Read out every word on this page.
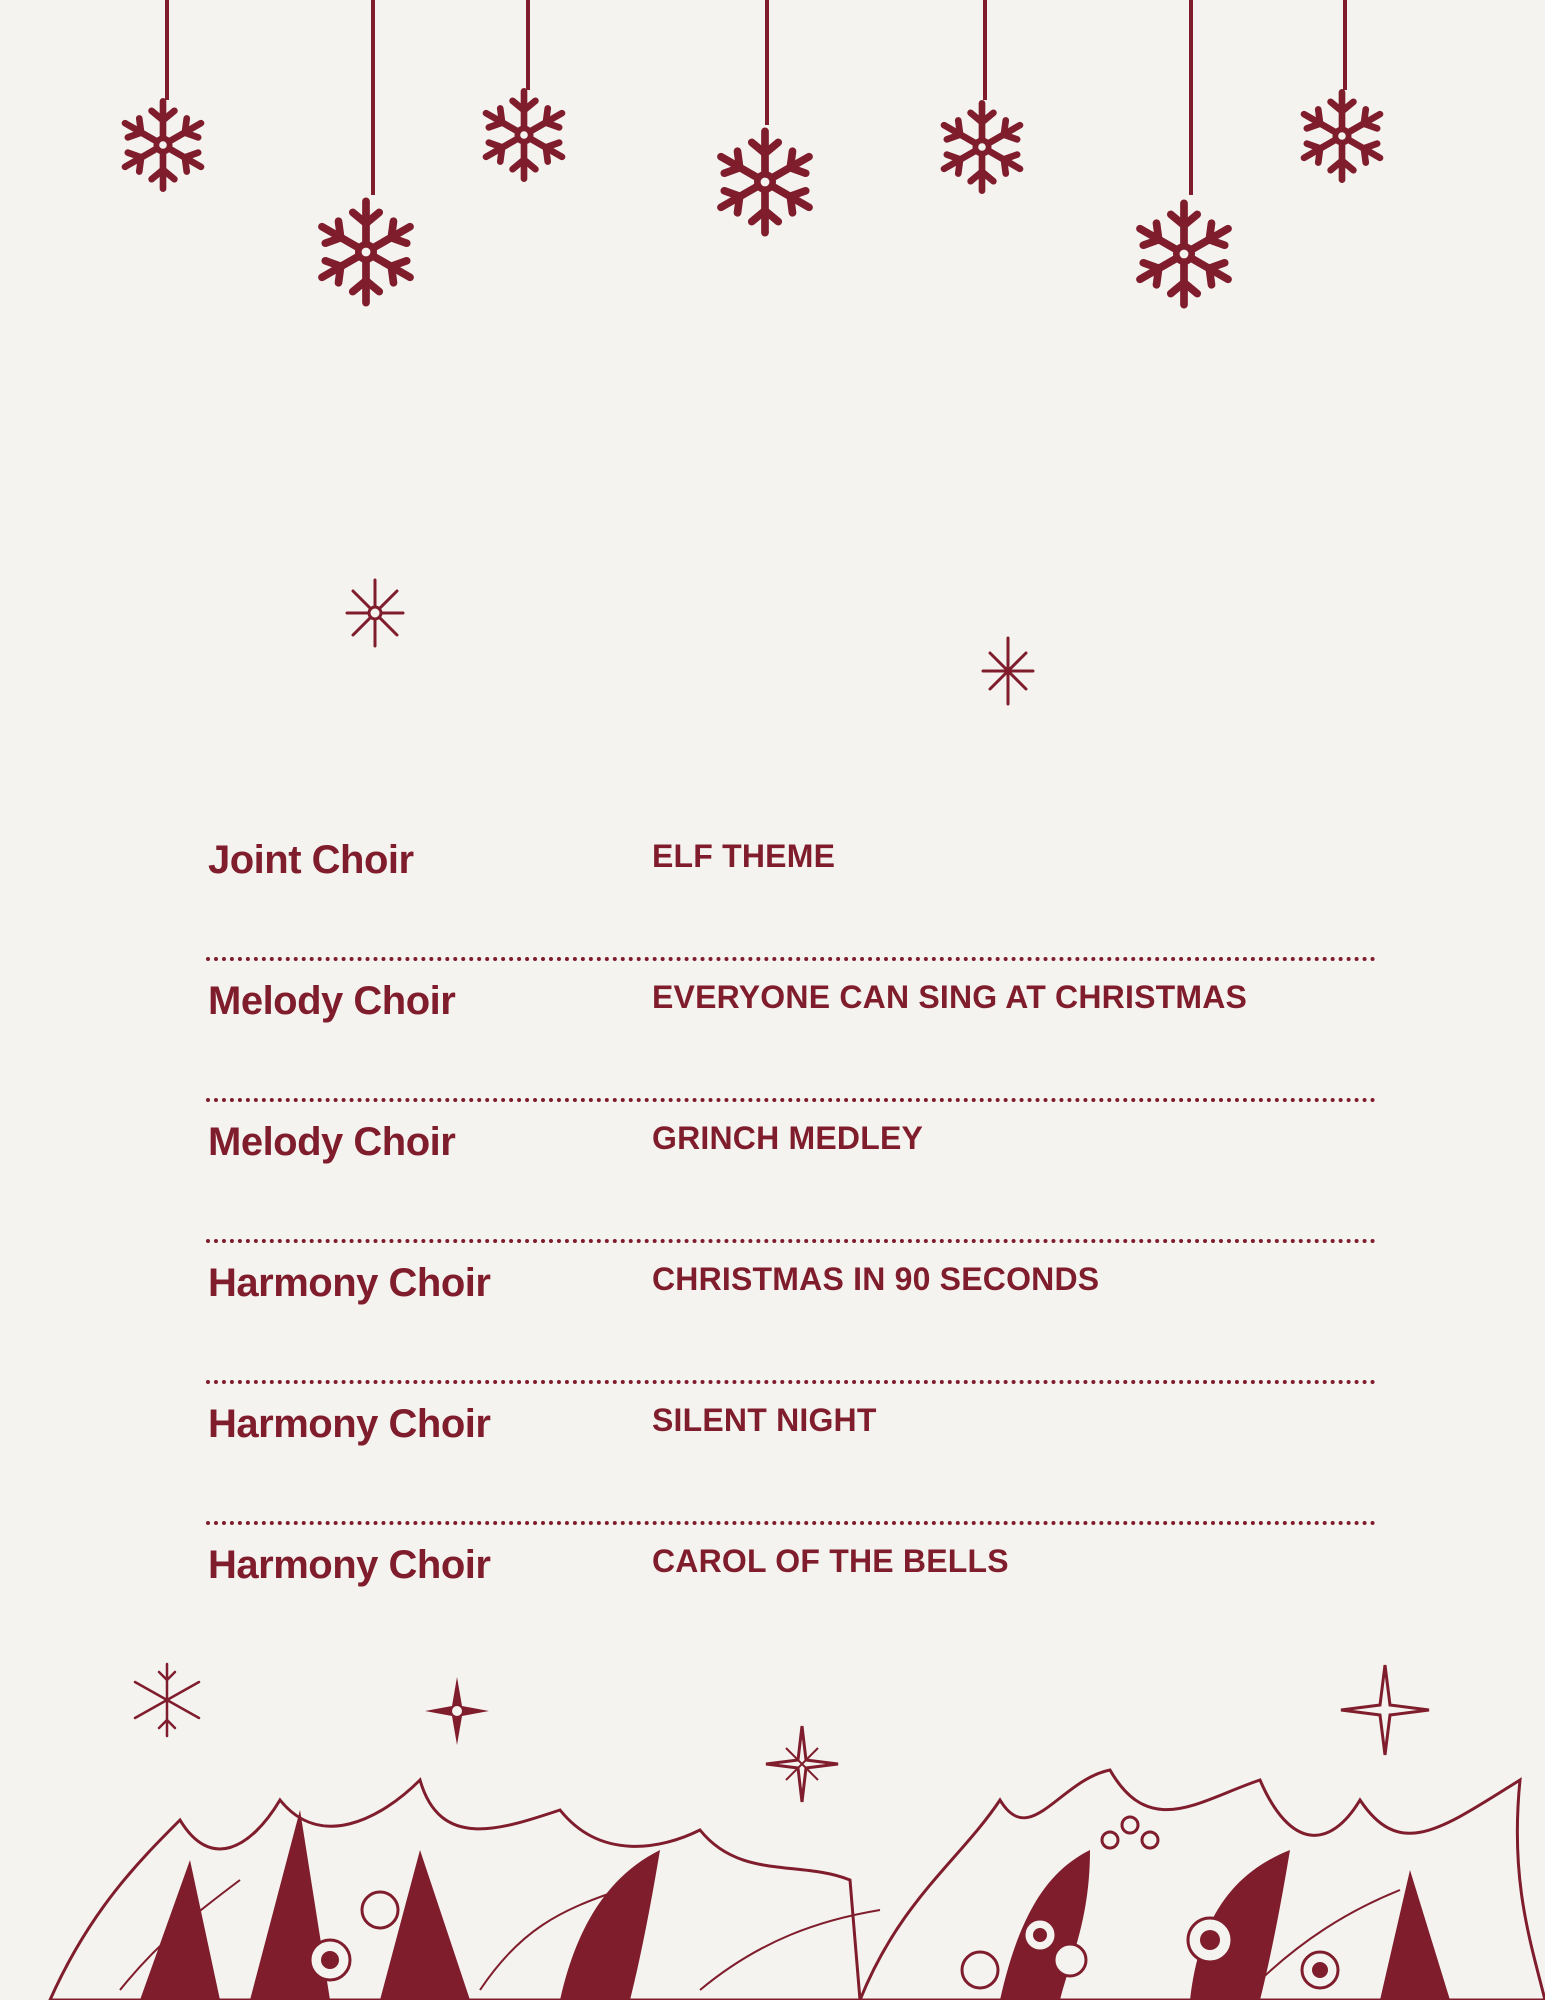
Joint Choir	ELF THEME
Melody Choir	EVERYONE CAN SING AT CHRISTMAS
Melody Choir	GRINCH MEDLEY
Harmony Choir	CHRISTMAS IN 90 SECONDS
Harmony Choir	SILENT NIGHT
Harmony Choir	CAROL OF THE BELLS
